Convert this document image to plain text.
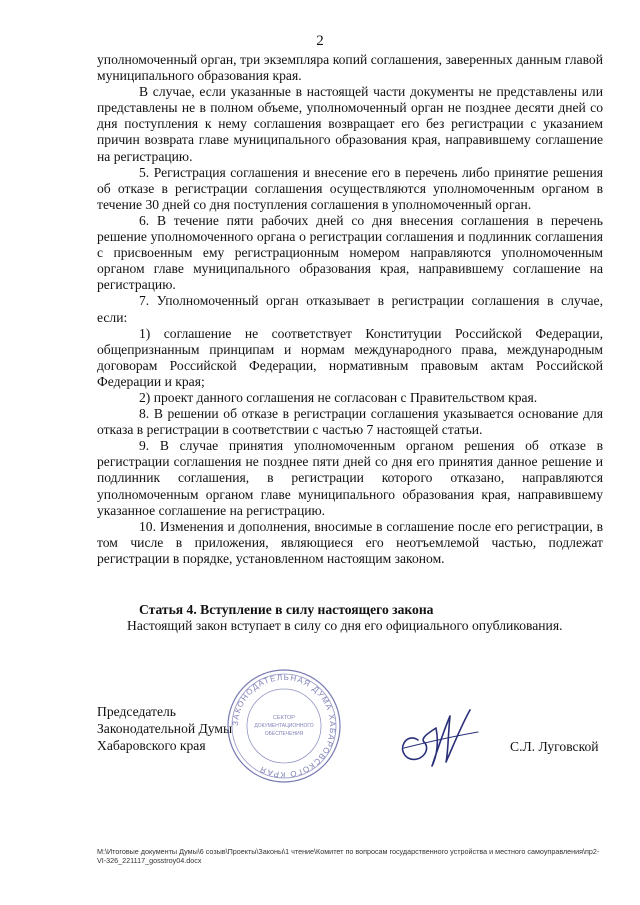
2

уполномоченный орган, три экземпляра копий соглашения, заверенных данным главой муниципального образования края.

В случае, если указанные в настоящей части документы не представлены или представлены не в полном объеме, уполномоченный орган не позднее десяти дней со дня поступления к нему соглашения возвращает его без регистрации с указанием причин возврата главе муниципального образования края, направившему соглашение на регистрацию.

5. Регистрация соглашения и внесение его в перечень либо принятие решения об отказе в регистрации соглашения осуществляются уполномоченным органом в течение 30 дней со дня поступления соглашения в уполномоченный орган.

6. В течение пяти рабочих дней со дня внесения соглашения в перечень решение уполномоченного органа о регистрации соглашения и подлинник соглашения с присвоенным ему регистрационным номером направляются уполномоченным органом главе муниципального образования края, направившему соглашение на регистрацию.

7. Уполномоченный орган отказывает в регистрации соглашения в случае, если:

1) соглашение не соответствует Конституции Российской Федерации, общепризнанным принципам и нормам международного права, международным договорам Российской Федерации, нормативным правовым актам Российской Федерации и края;

2) проект данного соглашения не согласован с Правительством края.

8. В решении об отказе в регистрации соглашения указывается основание для отказа в регистрации в соответствии с частью 7 настоящей статьи.

9. В случае принятия уполномоченным органом решения об отказе в регистрации соглашения не позднее пяти дней со дня его принятия данное решение и подлинник соглашения, в регистрации которого отказано, направляются уполномоченным органом главе муниципального образования края, направившему указанное соглашение на регистрацию.

10. Изменения и дополнения, вносимые в соглашение после его регистрации, в том числе в приложения, являющиеся его неотъемлемой частью, подлежат регистрации в порядке, установленном настоящим законом.

Статья 4. Вступление в силу настоящего закона

Настоящий закон вступает в силу со дня его официального опубликования.

Председатель
Законодательной Думы
Хабаровского края
ЗАКОНОДАТЕЛЬНАЯ ДУМА ХАБАРОВСКОГО КРАЯ
СЕКТОР
ДОКУМЕНТАЦИОННОГО
ОБЕСПЕЧЕНИЯ
С.Л. Луговской
M:\Итоговые документы Думы\6 созыв\Проекты\Законы\1 чтение\Комитет по вопросам государственного устройства и местного самоуправления\пр2-VI-326_221117_gosstroy04.docx
